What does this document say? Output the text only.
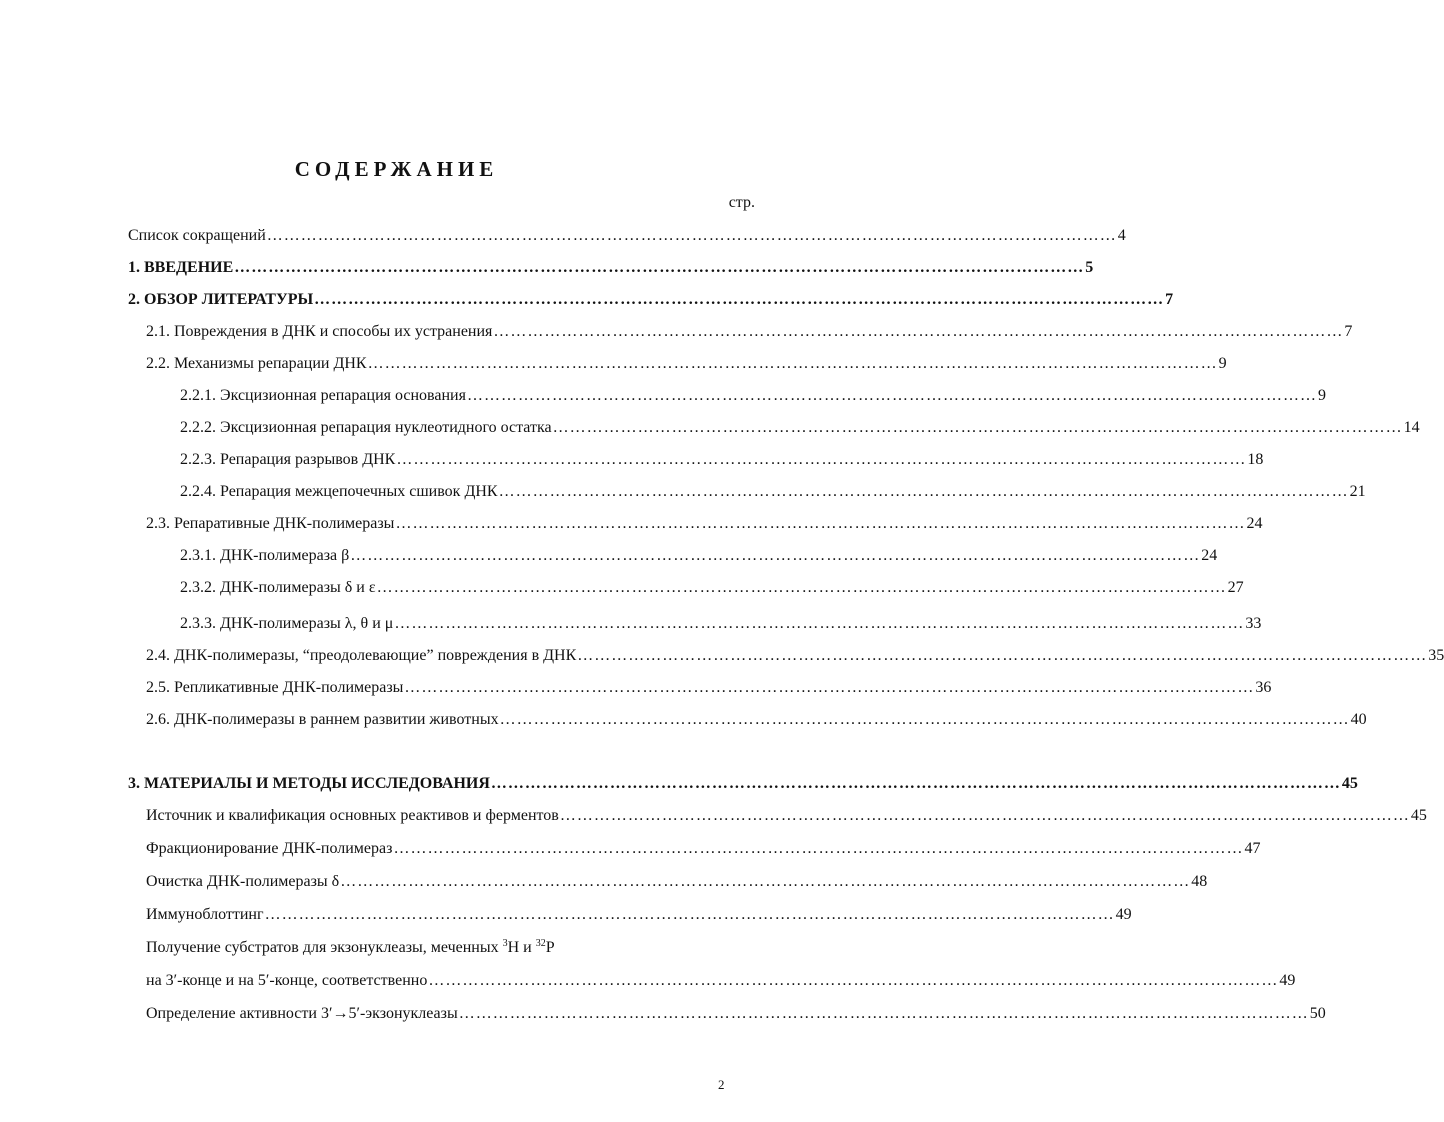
СОДЕРЖАНИЕ
стр.
Список сокращений …………………………………………………………………………………………………………………………………… 4
1. ВВЕДЕНИЕ …………………………………………………………………………………………………………………………………… 5
2. ОБЗОР ЛИТЕРАТУРЫ …………………………………………………………………………………………………………………………………… 7
2.1. Повреждения в ДНК и способы их устранения …………………………………………………………………………………………………………………………………… 7
2.2. Механизмы репарации ДНК …………………………………………………………………………………………………………………………………… 9
2.2.1. Эксцизионная репарация основания …………………………………………………………………………………………………………………………………… 9
2.2.2. Эксцизионная репарация нуклеотидного остатка …………………………………………………………………………………………………………………………………… 14
2.2.3. Репарация разрывов ДНК …………………………………………………………………………………………………………………………………… 18
2.2.4. Репарация межцепочечных сшивок ДНК …………………………………………………………………………………………………………………………………… 21
2.3. Репаративные ДНК-полимеразы …………………………………………………………………………………………………………………………………… 24
2.3.1. ДНК-полимераза β …………………………………………………………………………………………………………………………………… 24
2.3.2. ДНК-полимеразы δ и ε …………………………………………………………………………………………………………………………………… 27
2.3.3. ДНК-полимеразы λ, θ и μ …………………………………………………………………………………………………………………………………… 33
2.4. ДНК-полимеразы, “преодолевающие” повреждения в ДНК …………………………………………………………………………………………………………………………………… 35
2.5. Репликативные ДНК-полимеразы …………………………………………………………………………………………………………………………………… 36
2.6. ДНК-полимеразы в раннем развитии животных …………………………………………………………………………………………………………………………………… 40
3. МАТЕРИАЛЫ И МЕТОДЫ ИССЛЕДОВАНИЯ …………………………………………………………………………………………………………………………………… 45
Источник и квалификация основных реактивов и ферментов …………………………………………………………………………………………………………………………………… 45
Фракционирование ДНК-полимераз …………………………………………………………………………………………………………………………………… 47
Очистка ДНК-полимеразы δ …………………………………………………………………………………………………………………………………… 48
Иммуноблоттинг …………………………………………………………………………………………………………………………………… 49
Получение субстратов для экзонуклеазы, меченных $^3$H и $^{32}$P
на 3′-конце и на 5′-конце, соответственно …………………………………………………………………………………………………………………………………… 49
Определение активности 3′→5′-экзонуклеазы …………………………………………………………………………………………………………………………………… 50
2
